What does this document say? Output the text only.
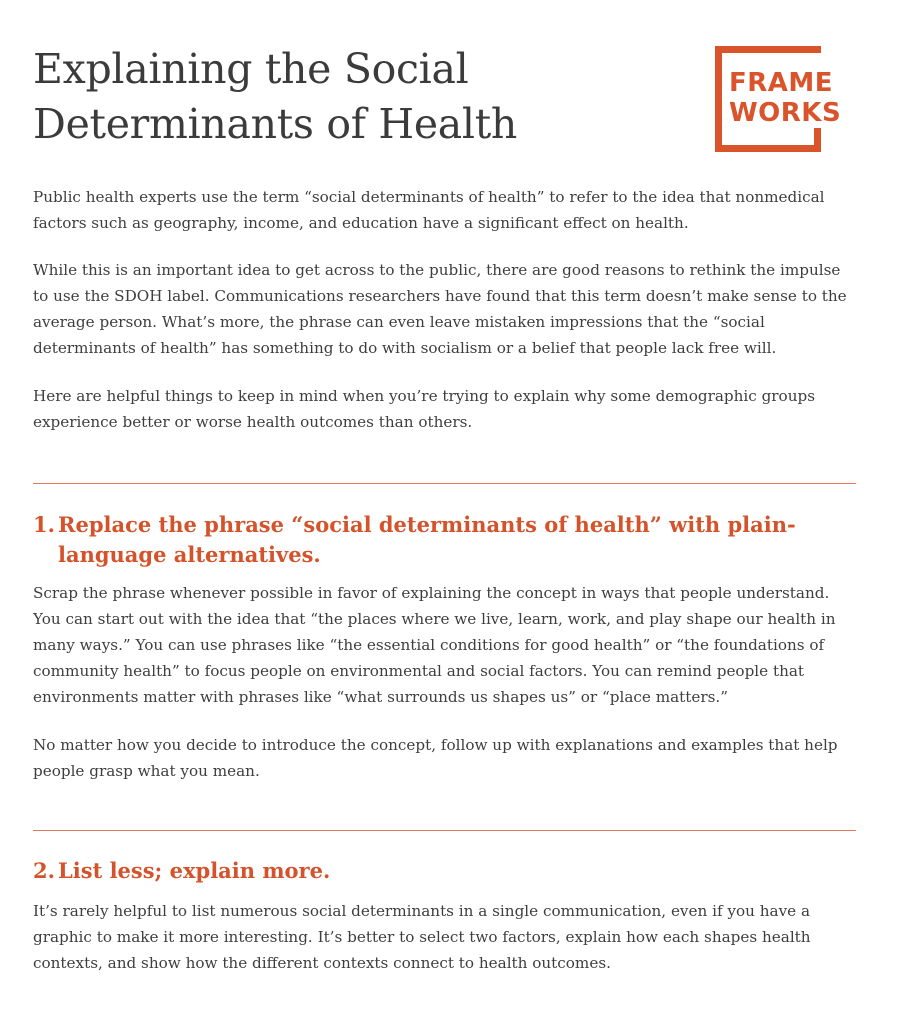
Explaining the Social
Determinants of Health
FRAME
WORKS

Public health experts use the term “social determinants of health” to refer to the idea that nonmedical factors such as geography, income, and education have a significant effect on health.

While this is an important idea to get across to the public, there are good reasons to rethink the impulse to use the SDOH label. Communications researchers have found that this term doesn’t make sense to the average person. What’s more, the phrase can even leave mistaken impressions that the “social determinants of health” has something to do with socialism or a belief that people lack free will.

Here are helpful things to keep in mind when you’re trying to explain why some demographic groups experience better or worse health outcomes than others.

1. Replace the phrase “social determinants of health” with plain-
language alternatives.

Scrap the phrase whenever possible in favor of explaining the concept in ways that people understand. You can start out with the idea that “the places where we live, learn, work, and play shape our health in many ways.” You can use phrases like “the essential conditions for good health” or “the foundations of community health” to focus people on environmental and social factors. You can remind people that environments matter with phrases like “what surrounds us shapes us” or “place matters.”

No matter how you decide to introduce the concept, follow up with explanations and examples that help people grasp what you mean.

2. List less; explain more.

It’s rarely helpful to list numerous social determinants in a single communication, even if you have a graphic to make it more interesting. It’s better to select two factors, explain how each shapes health contexts, and show how the different contexts connect to health outcomes.
